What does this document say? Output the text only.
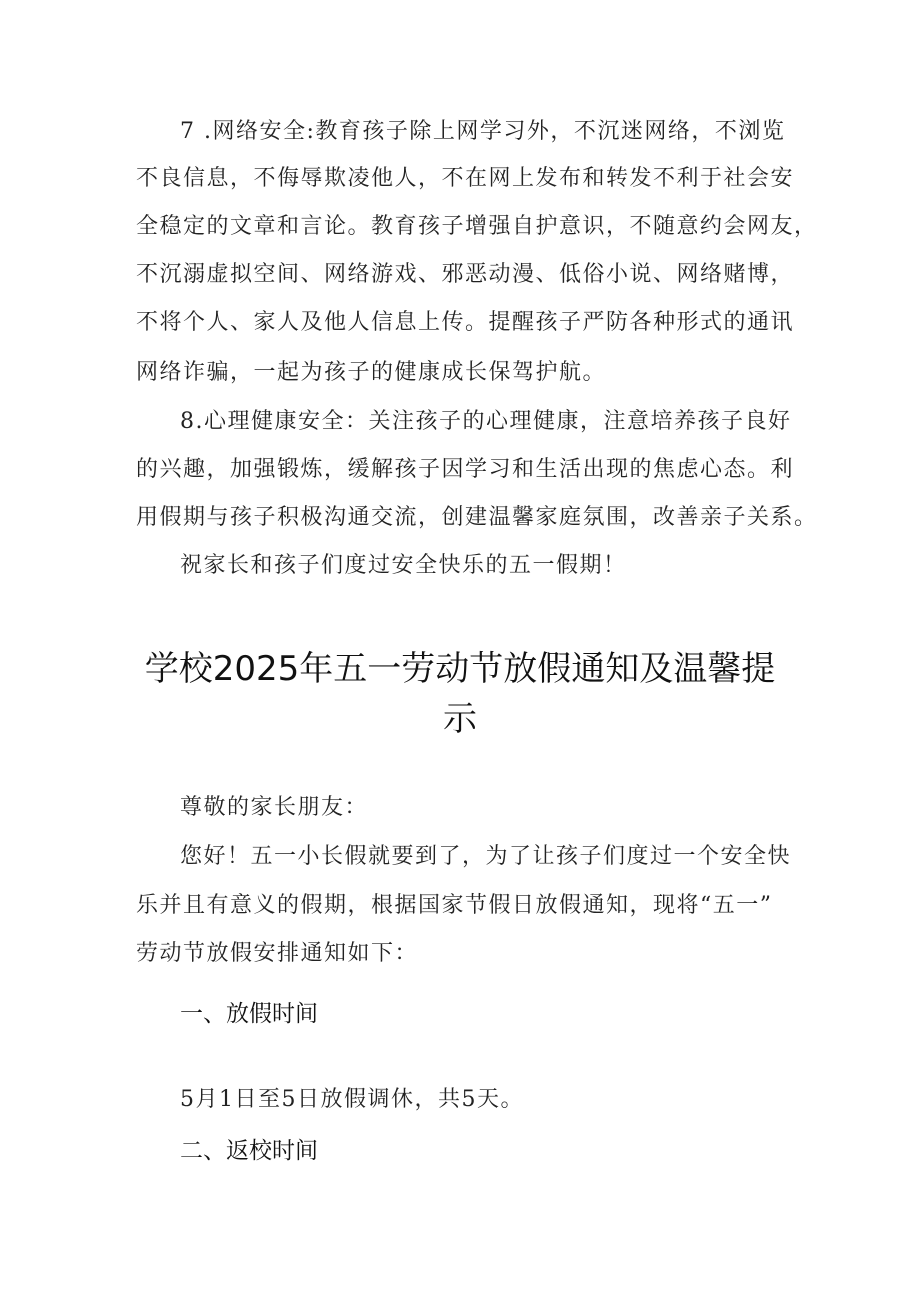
7 .网络安全:教育孩子除上网学习外，不沉迷网络，不浏览
不良信息，不侮辱欺凌他人，不在网上发布和转发不利于社会安
全稳定的文章和言论。教育孩子增强自护意识，不随意约会网友，
不沉溺虚拟空间、网络游戏、邪恶动漫、低俗小说、网络赌博，
不将个人、家人及他人信息上传。提醒孩子严防各种形式的通讯
网络诈骗，一起为孩子的健康成长保驾护航。
8.心理健康安全：关注孩子的心理健康，注意培养孩子良好
的兴趣，加强锻炼，缓解孩子因学习和生活出现的焦虑心态。利
用假期与孩子积极沟通交流，创建温馨家庭氛围，改善亲子关系。
祝家长和孩子们度过安全快乐的五一假期！
学校2025年五一劳动节放假通知及温馨提
示
尊敬的家长朋友：
您好！五一小长假就要到了，为了让孩子们度过一个安全快
乐并且有意义的假期，根据国家节假日放假通知，现将“五一”
劳动节放假安排通知如下：
一、放假时间
5月1日至5日放假调休，共5天。
二、返校时间
